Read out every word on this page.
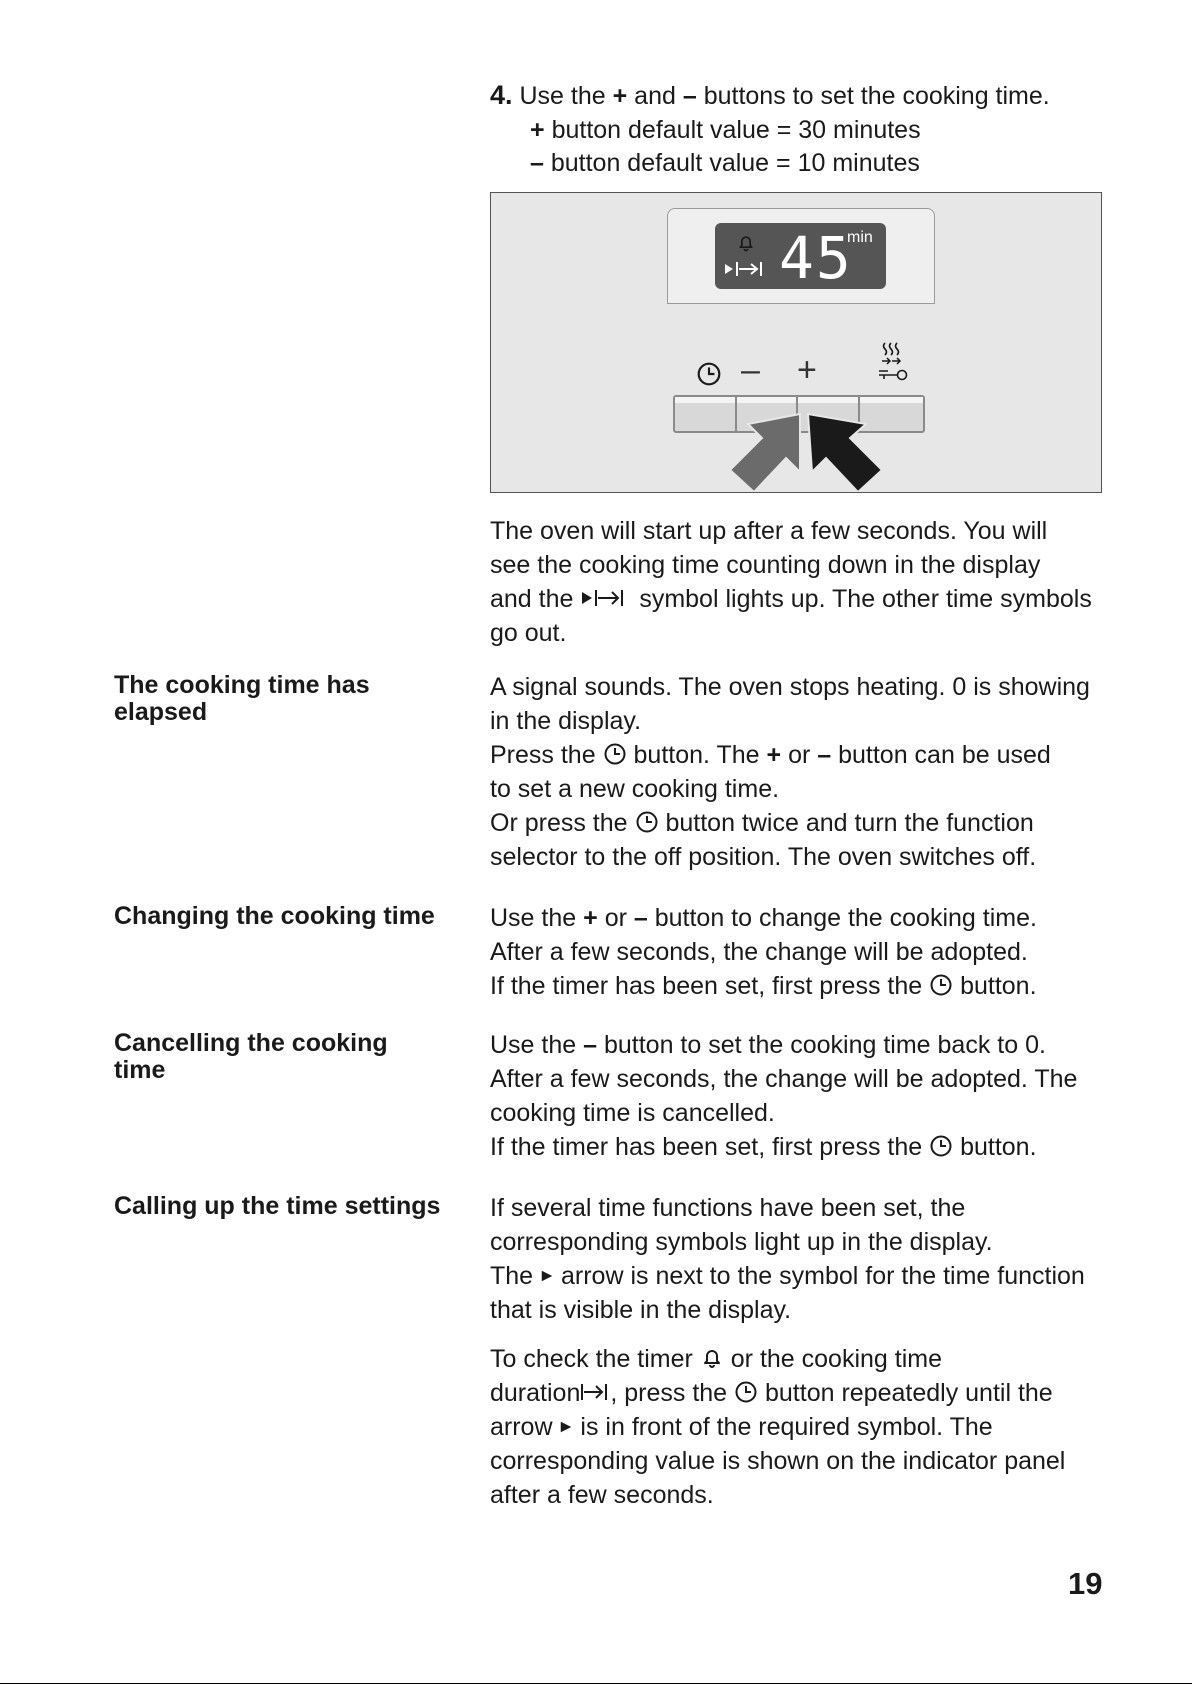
4. Use the + and – buttons to set the cooking time.
+ button default value = 30 minutes
– button default value = 10 minutes
45
min
– +

The oven will start up after a few seconds. You will

see the cooking time counting down in the display

and the	symbol lights up. The other time symbols

go out.

The cooking time has

elapsed

A signal sounds. The oven stops heating. 0 is showing

in the display.

Press the button. The + or – button can be used

to set a new cooking time.

Or press the button twice and turn the function

selector to the off position. The oven switches off.

Changing the cooking time Use the + or – button to change the cooking time.

After a few seconds, the change will be adopted.

If the timer has been set, first press the button.

Cancelling the cooking

time

Use the – button to set the cooking time back to 0.

After a few seconds, the change will be adopted. The

cooking time is cancelled.

If the timer has been set, first press the button.

Calling up the time settings If several time functions have been set, the

corresponding symbols light up in the display.

The arrow is next to the symbol for the time function

that is visible in the display.

To check the timer or the cooking time

duration , press the button repeatedly until the

arrow is in front of the required symbol. The

corresponding value is shown on the indicator panel

after a few seconds.

19
